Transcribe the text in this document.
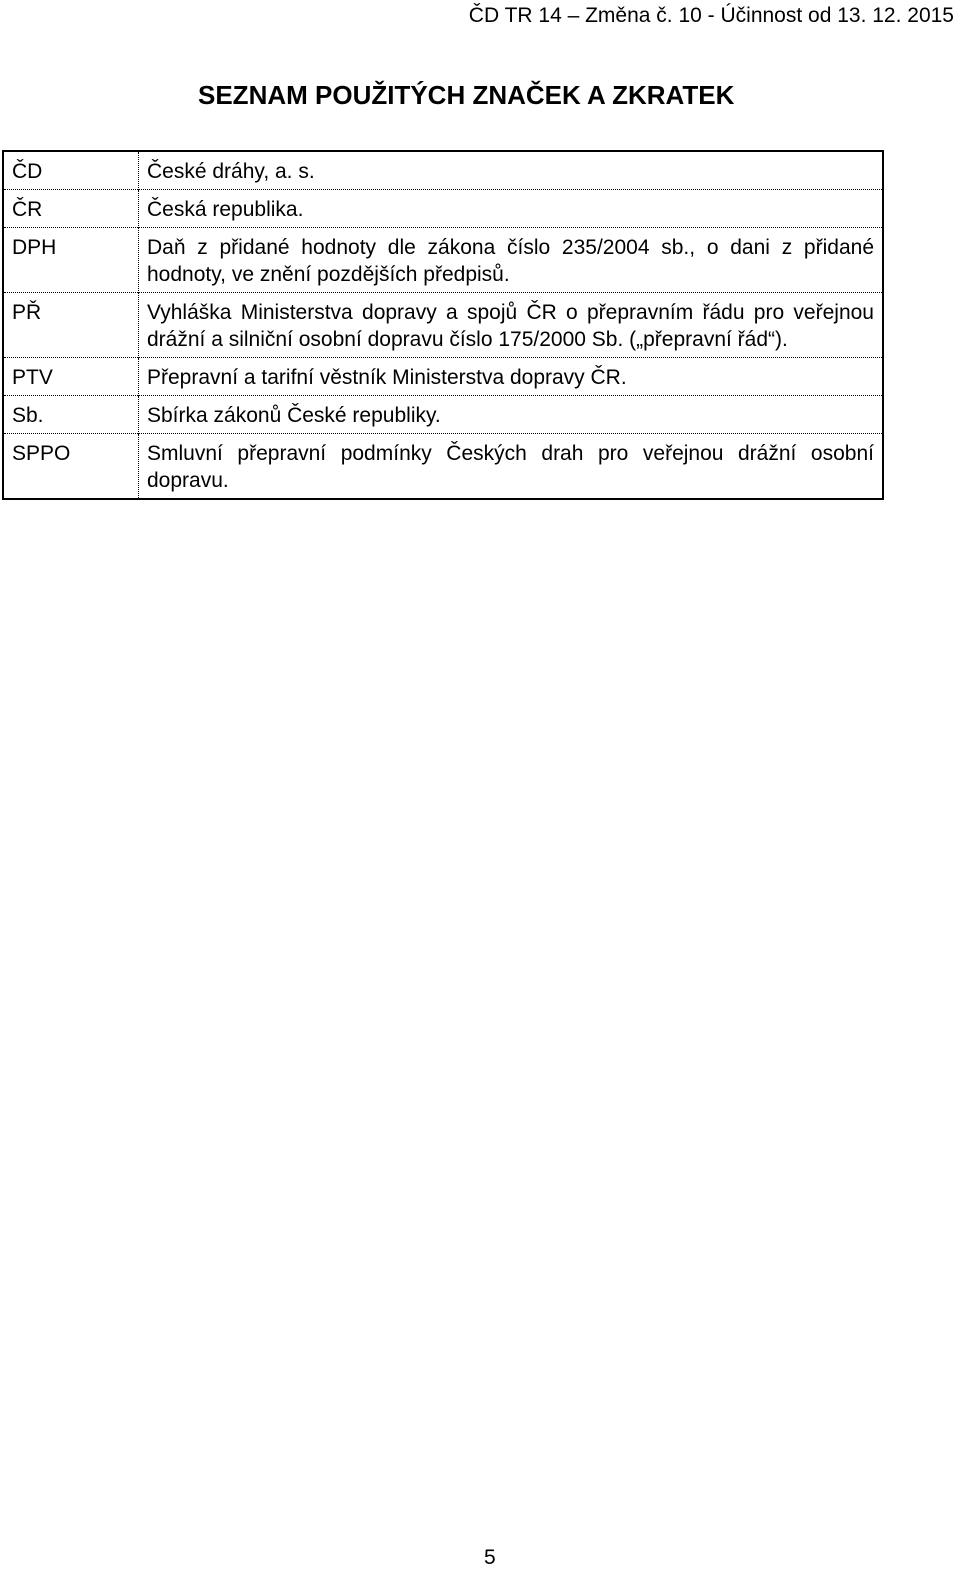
ČD TR 14 – Změna č. 10 - Účinnost od 13. 12. 2015
SEZNAM POUŽITÝCH ZNAČEK A ZKRATEK
ČD	České dráhy, a. s.
ČR	Česká republika.
DPH	Daň z přidané hodnoty dle zákona číslo 235/2004 sb., o dani z přidané hodnoty, ve znění pozdějších předpisů.
PŘ	Vyhláška Ministerstva dopravy a spojů ČR o přepravním řádu pro veřejnou drážní a silniční osobní dopravu číslo 175/2000 Sb. („přepravní řád“).
PTV	Přepravní a tarifní věstník Ministerstva dopravy ČR.
Sb.	Sbírka zákonů České republiky.
SPPO	Smluvní přepravní podmínky Českých drah pro veřejnou drážní osobní dopravu.
5
